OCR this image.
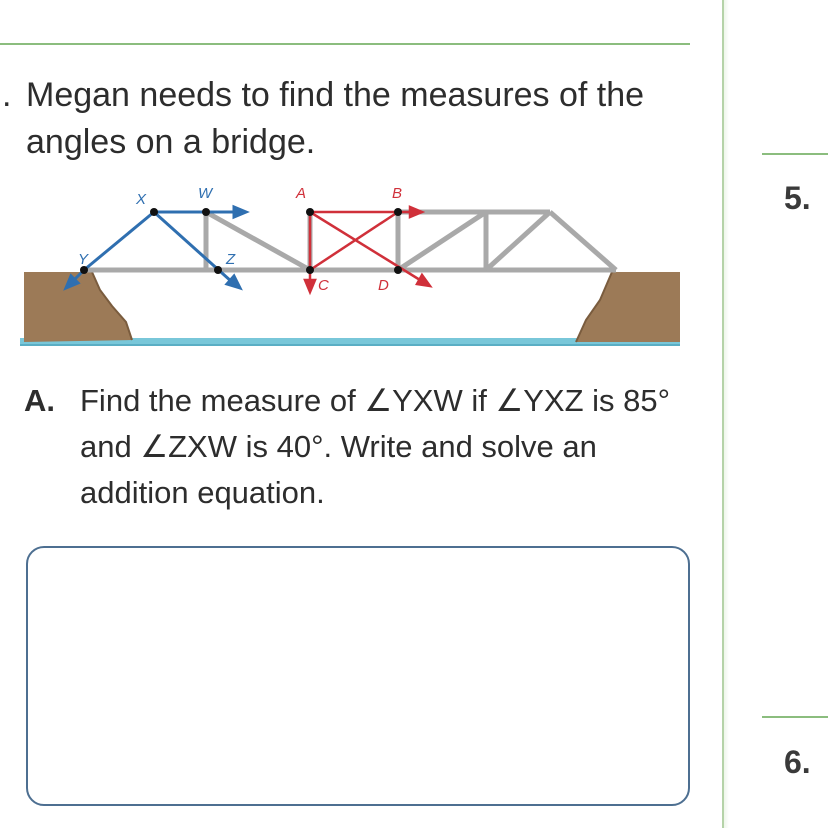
. Megan needs to find the measures of the angles on a bridge.
X	W	A	B
Y	Z
C	D
A. Find the measure of ∠YXW if ∠YXZ is 85° and ∠ZXW is 40°. Write and solve an addition equation.
5.
6.
